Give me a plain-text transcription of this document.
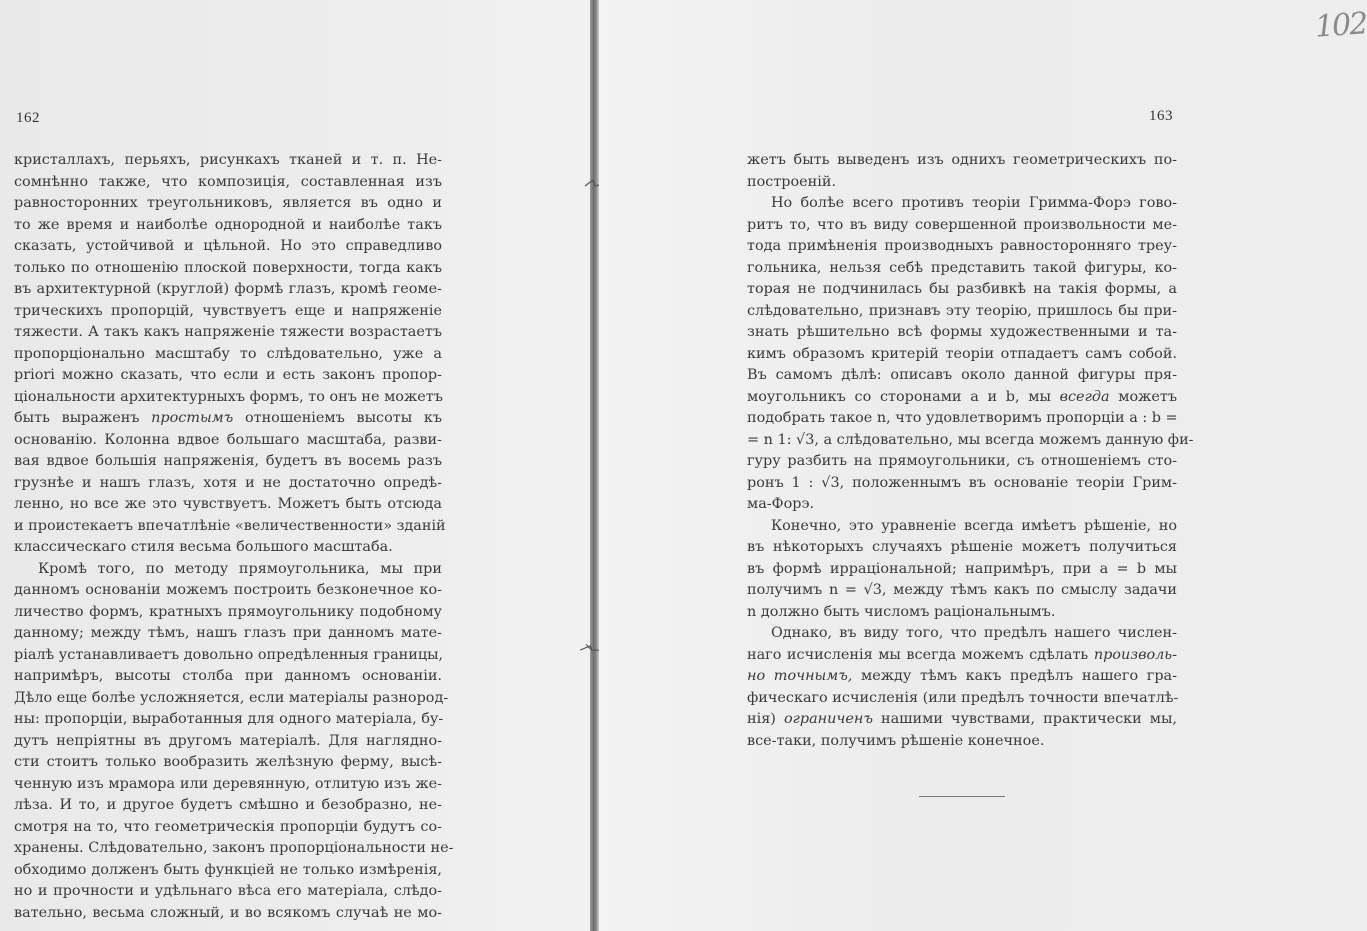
162
кристаллахъ, перьяхъ, рисункахъ тканей и т. п. Не-
сомнѣнно также, что композиція, составленная изъ
равносторонних треугольниковъ, является въ одно и
то же время и наиболѣе однородной и наиболѣе такъ
сказать, устойчивой и цѣльной. Но это справедливо
только по отношенію плоской поверхности, тогда какъ
въ архитектурной (круглой) формѣ глазъ, кромѣ геоме-
трическихъ пропорцій, чувствуетъ еще и напряженіе
тяжести. А такъ какъ напряженіе тяжести возрастаетъ
пропорціонально масштабу то слѣдовательно, уже a
priori можно сказать, что если и есть законъ пропор-
ціональности архитектурныхъ формъ, то онъ не можетъ
быть выраженъ простымъ отношеніемъ высоты къ
основанію. Колонна вдвое большаго масштаба, разви-
вая вдвое большія напряженія, будетъ въ восемь разъ
грузнѣе и нашъ глазъ, хотя и не достаточно опредѣ-
ленно, но все же это чувствуетъ. Можетъ быть отсюда
и проистекаетъ впечатлѣніе «величественности» зданій
классическаго стиля весьма большого масштаба.
Кромѣ того, по методу прямоугольника, мы при
данномъ основаніи можемъ построить безконечное ко-
личество формъ, кратныхъ прямоугольнику подобному
данному; между тѣмъ, нашъ глазъ при данномъ мате-
ріалѣ устанавливаетъ довольно опредѣленныя границы,
напримѣръ, высоты столба при данномъ основаніи.
Дѣло еще болѣе усложняется, если матеріалы разнород-
ны: пропорціи, выработанныя для одного матеріала, бу-
дутъ непріятны въ другомъ матеріалѣ. Для нагляднo-
сти стоитъ только вообразить желѣзную ферму, высѣ-
ченную изъ мрамора или деревянную, отлитую изъ же-
лѣза. И то, и другое будетъ смѣшно и безобразно, не-
смотря на то, что геометрическія пропорціи будутъ со-
хранены. Слѣдовательно, законъ пропорціональности не-
обходимо долженъ быть функціей не только измѣренія,
но и прочности и удѣльнаго вѣса его матеріала, слѣдо-
вательно, весьма сложный, и во всякомъ случаѣ не мо-
163
жетъ быть выведенъ изъ однихъ геометрическихъ по-
построеній.
Но болѣе всего противъ теоріи Гримма-Форэ гово-
ритъ то, что въ виду совершенной произвольности ме-
тода примѣненія производныхъ равносторонняго треу-
гольника, нельзя себѣ представить такой фигуры, ко-
торая не подчинилась бы разбивкѣ на такія формы, а
слѣдовательно, признавъ эту теорію, пришлось бы при-
знать рѣшительно всѣ формы художественными и та-
кимъ образомъ критерій теоріи отпадаетъ самъ собой.
Въ самомъ дѣлѣ: описавъ около данной фигуры пря-
моугольникъ со сторонами a и b, мы всегда можетъ
подобрать такое n, что удовлетворимъ пропорціи a : b =
= n 1: √3, а слѣдовательно, мы всегда можемъ данную фи-
гуру разбить на прямоугольники, съ отношеніемъ сто-
ронъ 1 : √3, положеннымъ въ основаніе теоріи Грим-
ма-Форэ.
Конечно, это уравненіе всегда имѣетъ рѣшеніе, но
въ нѣкоторыхъ случаяхъ рѣшеніе можетъ получиться
въ формѣ ирраціональной; напримѣръ, при a = b мы
получимъ n = √3, между тѣмъ какъ по смыслу задачи
n должно быть числомъ раціональнымъ.
Однако, въ виду того, что предѣлъ нашего числен-
наго исчисленія мы всегда можемъ сдѣлать произволь-
но точнымъ, между тѣмъ какъ предѣлъ нашего гра-
фическаго исчисленія (или предѣлъ точности впечатлѣ-
нія) ограниченъ нашими чувствами, практически мы,
все-таки, получимъ рѣшеніе конечное.
102
